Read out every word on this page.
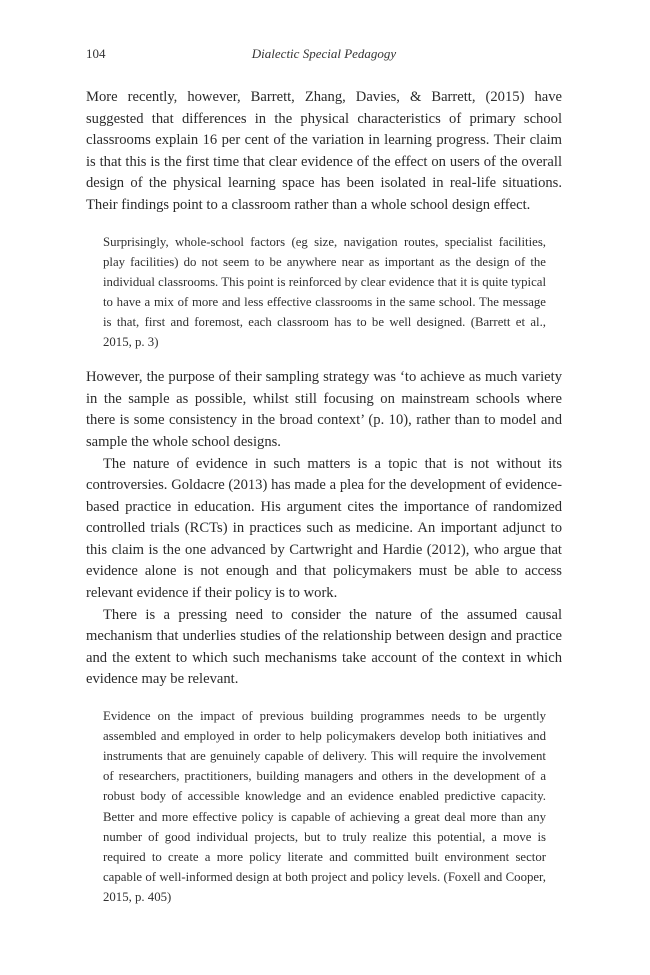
104	Dialectic Special Pedagogy

More recently, however, Barrett, Zhang, Davies, & Barrett, (2015) have suggested that differences in the physical characteristics of primary school classrooms explain 16 per cent of the variation in learning progress. Their claim is that this is the first time that clear evidence of the effect on users of the overall design of the physical learning space has been isolated in real-life situations. Their findings point to a classroom rather than a whole school design effect.

Surprisingly, whole-school factors (eg size, navigation routes, specialist facilities, play facilities) do not seem to be anywhere near as important as the design of the individual classrooms. This point is reinforced by clear evidence that it is quite typical to have a mix of more and less effective classrooms in the same school. The message is that, first and foremost, each classroom has to be well designed. (Barrett et al., 2015, p. 3)

However, the purpose of their sampling strategy was ‘to achieve as much variety in the sample as possible, whilst still focusing on mainstream schools where there is some consistency in the broad context’ (p. 10), rather than to model and sample the whole school designs.

The nature of evidence in such matters is a topic that is not without its controversies. Goldacre (2013) has made a plea for the development of evidence-based practice in education. His argument cites the importance of randomized controlled trials (RCTs) in practices such as medicine. An important adjunct to this claim is the one advanced by Cartwright and Hardie (2012), who argue that evidence alone is not enough and that policymakers must be able to access relevant evidence if their policy is to work.

There is a pressing need to consider the nature of the assumed causal mechanism that underlies studies of the relationship between design and practice and the extent to which such mechanisms take account of the context in which evidence may be relevant.

Evidence on the impact of previous building programmes needs to be urgently assembled and employed in order to help policymakers develop both initiatives and instruments that are genuinely capable of delivery. This will require the involvement of researchers, practitioners, building managers and others in the development of a robust body of accessible knowledge and an evidence enabled predictive capacity. Better and more effective policy is capable of achieving a great deal more than any number of good individual projects, but to truly realize this potential, a move is required to create a more policy literate and committed built environment sector capable of well-informed design at both project and policy levels. (Foxell and Cooper, 2015, p. 405)
